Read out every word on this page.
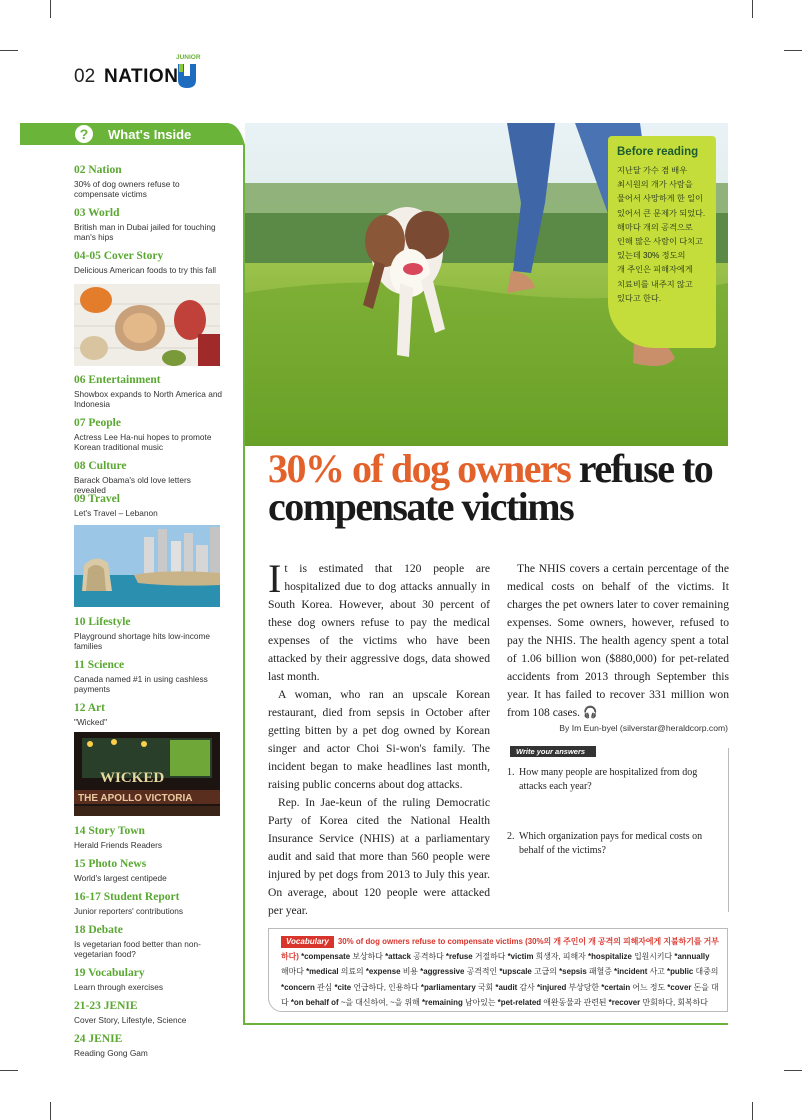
02 NATION
JUNIOR
?	What's Inside
02 Nation
30% of dog owners refuse to compensate victims
03 World
British man in Dubai jailed for touching man's hips
04-05 Cover Story
Delicious American foods to try this fall
06 Entertainment
Showbox expands to North America and Indonesia
07 People
Actress Lee Ha-nui hopes to promote Korean traditional music
08 Culture
Barack Obama's old love letters revealed
09 Travel
Let's Travel – Lebanon
10 Lifestyle
Playground shortage hits low-income families
11 Science
Canada named #1 in using cashless payments
12 Art
"Wicked"
WICKED
THE APOLLO VICTORIA
14 Story Town
Herald Friends Readers
15 Photo News
World's largest centipede
16-17 Student Report
Junior reporters' contributions
18 Debate
Is vegetarian food better than non-vegetarian food?
19 Vocabulary
Learn through exercises
21-23 JENIE
Cover Story, Lifestyle, Science
24 JENIE
Reading Gong Gam
Before reading
지난달 가수 겸 배우
최시원의 개가 사람을
물어서 사망하게 한 일이
있어서 큰 문제가 되었다.
해마다 개의 공격으로
인해 많은 사람이 다치고
있는데 30% 정도의
개 주인은 피해자에게
치료비를 내주지 않고
있다고 한다.
30% of dog owners refuse to compensate victims

It is estimated that 120 people are hospitalized due to dog attacks annually in South Korea. However, about 30 percent of these dog owners refuse to pay the medical expenses of the victims who have been attacked by their aggressive dogs, data showed last month.

A woman, who ran an upscale Korean restaurant, died from sepsis in October after getting bitten by a pet dog owned by Korean singer and actor Choi Si-won's family. The incident began to make headlines last month, raising public concerns about dog attacks.

Rep. In Jae-keun of the ruling Democratic Party of Korea cited the National Health Insurance Service (NHIS) at a parliamentary audit and said that more than 560 people were injured by pet dogs from 2013 to July this year. On average, about 120 people were attacked per year.

The NHIS covers a certain percentage of the medical costs on behalf of the victims. It charges the pet owners later to cover remaining expenses. Some owners, however, refused to pay the NHIS. The health agency spent a total of 1.06 billion won ($880,000) for pet-related accidents from 2013 through September this year. It has failed to recover 331 million won from 108 cases. 🎧

By Im Eun-byel (silverstar@heraldcorp.com)
Write your answers
1. How many people are hospitalized from dog attacks each year?
2. Which organization pays for medical costs on behalf of the victims?
Vocabulary 30% of dog owners refuse to compensate victims (30%의 개 주인이 개 공격의 피해자에게 지불하기를 거부하다) *compensate 보상하다 *attack 공격하다 *refuse 거절하다 *victim 희생자, 피해자 *hospitalize 입원시키다 *annually 해마다 *medical 의료의 *expense 비용 *aggressive 공격적인 *upscale 고급의 *sepsis 패혈증 *incident 사고 *public 대중의 *concern 관심 *cite 언급하다, 인용하다 *parliamentary 국회 *audit 감사 *injured 부상당한 *certain 어느 정도 *cover 돈을 대다 *on behalf of ~을 대신하여, ~을 위해 *remaining 남아있는 *pet-related 애완동물과 관련된 *recover 만회하다, 회복하다
